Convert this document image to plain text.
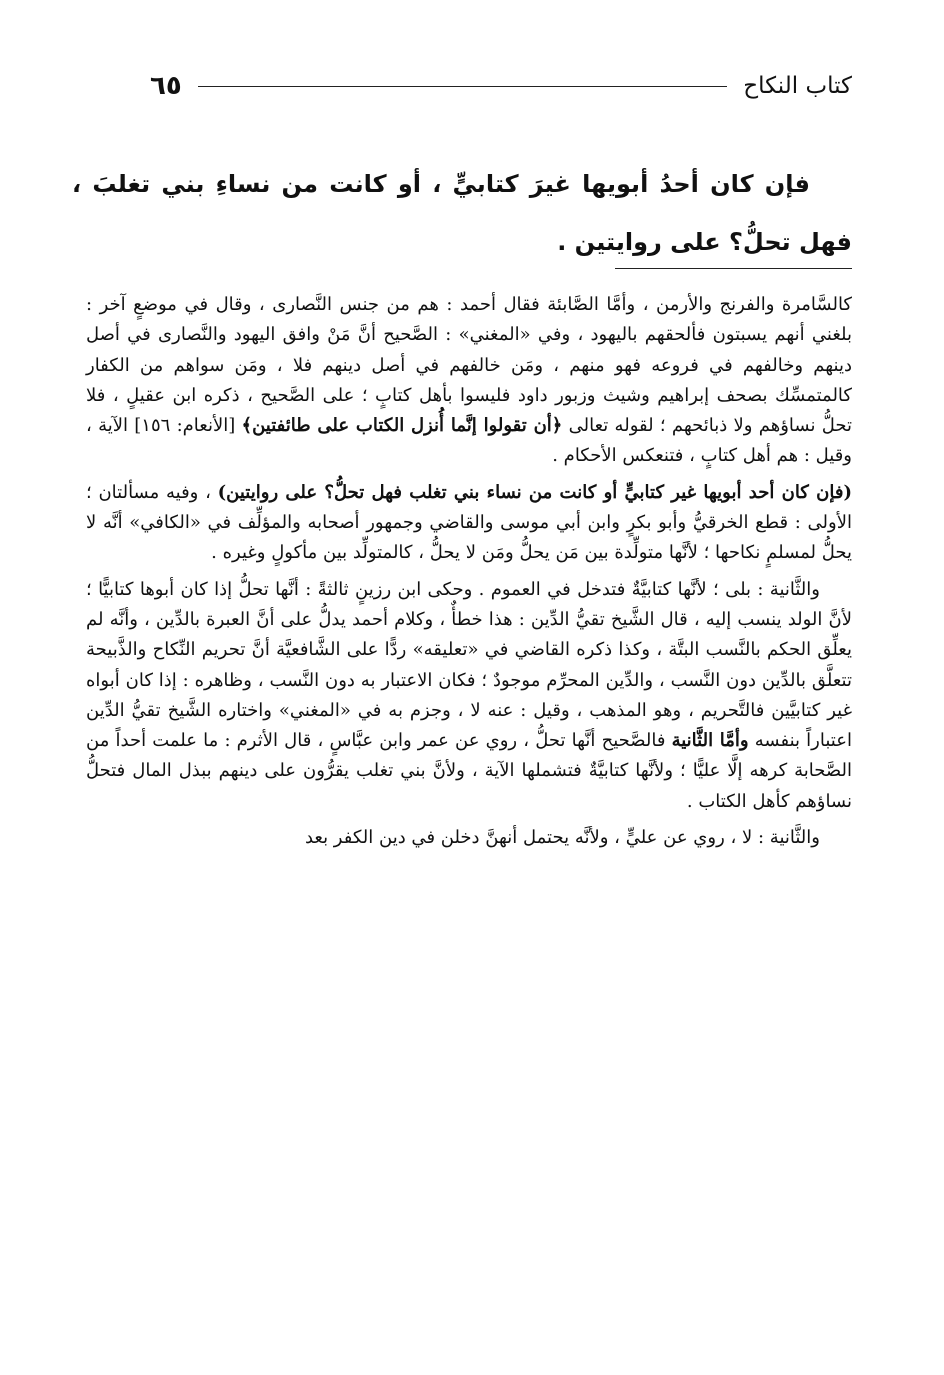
كتاب النكاح
٦٥

فإن كان أحدُ أبويها غيرَ كتابيٍّ ، أو كانت من نساءِ بني تغلبَ ، فهل تحلُّ؟ على روايتين .

كالسَّامرة والفرنج والأرمن ، وأمَّا الصَّابئة فقال أحمد : هم من جنس النَّصارى ، وقال في موضعٍ آخر : بلغني أنهم يسبتون فألحقهم باليهود ، وفي «المغني» : الصَّحيح أنَّ مَنْ وافق اليهود والنَّصارى في أصل دينهم وخالفهم في فروعه فهو منهم ، ومَن خالفهم في أصل دينهم فلا ، ومَن سواهم من الكفار كالمتمسِّك بصحف إبراهيم وشيث وزبور داود فليسوا بأهل كتابٍ ؛ على الصَّحيح ، ذكره ابن عقيلٍ ، فلا تحلُّ نساؤهم ولا ذبائحهم ؛ لقوله تعالى ﴿أن تقولوا إنَّما أُنزل الكتاب على طائفتين﴾ [الأنعام: ١٥٦] الآية ، وقيل : هم أهل كتابٍ ، فتنعكس الأحكام .

(فإن كان أحد أبويها غير كتابيٍّ أو كانت من نساء بني تغلب فهل تحلُّ؟ على روايتين) ، وفيه مسألتان ؛ الأولى : قطع الخرقيُّ وأبو بكرٍ وابن أبي موسى والقاضي وجمهور أصحابه والمؤلِّف في «الكافي» أنَّه لا يحلُّ لمسلمٍ نكاحها ؛ لأنَّها متولِّدة بين مَن يحلُّ ومَن لا يحلُّ ، كالمتولِّد بين مأكولٍ وغيره .

والثَّانية : بلى ؛ لأنَّها كتابيَّةٌ فتدخل في العموم . وحكى ابن رزينٍ ثالثةً : أنَّها تحلُّ إذا كان أبوها كتابيًّا ؛ لأنَّ الولد ينسب إليه ، قال الشَّيخ تقيُّ الدِّين : هذا خطأٌ ، وكلام أحمد يدلُّ على أنَّ العبرة بالدِّين ، وأنَّه لم يعلِّق الحكم بالنَّسب البتَّة ، وكذا ذكره القاضي في «تعليقه» ردًّا على الشَّافعيَّة أنَّ تحريم النِّكاح والذَّبيحة تتعلَّق بالدِّين دون النَّسب ، والدِّين المحرِّم موجودٌ ؛ فكان الاعتبار به دون النَّسب ، وظاهره : إذا كان أبواه غير كتابيَّين فالتَّحريم ، وهو المذهب ، وقيل : عنه لا ، وجزم به في «المغني» واختاره الشَّيخ تقيُّ الدِّين اعتباراً بنفسه وأمَّا الثَّانية فالصَّحيح أنَّها تحلُّ ، روي عن عمر وابن عبَّاسٍ ، قال الأثرم : ما علمت أحداً من الصَّحابة كرهه إلَّا عليًّا ؛ ولأنَّها كتابيَّةٌ فتشملها الآية ، ولأنَّ بني تغلب يقرُّون على دينهم ببذل المال فتحلُّ نساؤهم كأهل الكتاب .

والثَّانية : لا ، روي عن عليٍّ ، ولأنَّه يحتمل أنهنَّ دخلن في دين الكفر بعد
